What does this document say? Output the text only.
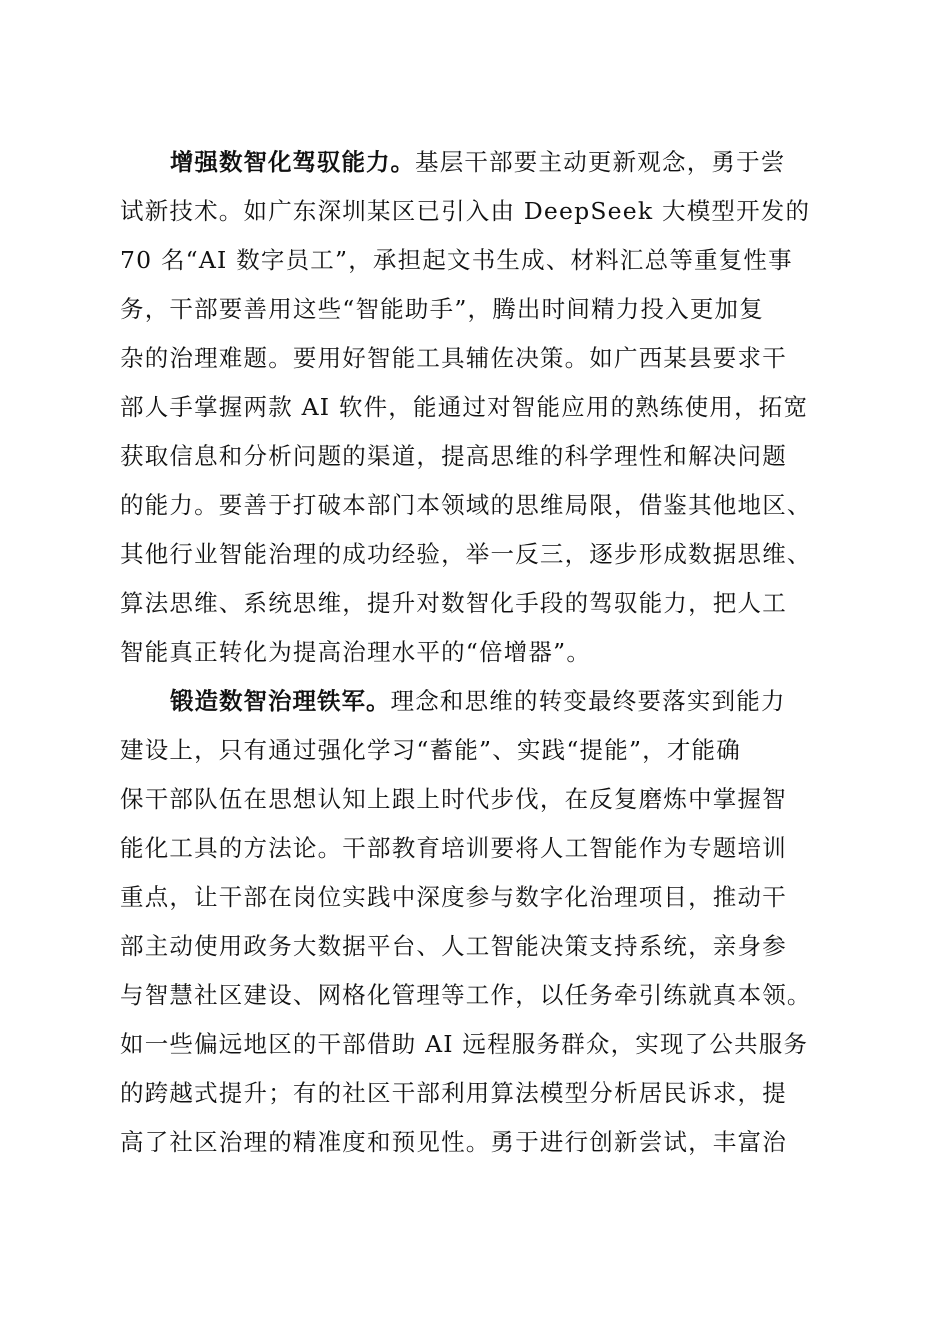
增强数智化驾驭能力。基层干部要主动更新观念，勇于尝
试新技术。如广东深圳某区已引入由 DeepSeek 大模型开发的
70 名“AI 数字员工”，承担起文书生成、材料汇总等重复性事
务，干部要善用这些“智能助手”，腾出时间精力投入更加复
杂的治理难题。要用好智能工具辅佐决策。如广西某县要求干
部人手掌握两款 AI 软件，能通过对智能应用的熟练使用，拓宽
获取信息和分析问题的渠道，提高思维的科学理性和解决问题
的能力。要善于打破本部门本领域的思维局限，借鉴其他地区、
其他行业智能治理的成功经验，举一反三，逐步形成数据思维、
算法思维、系统思维，提升对数智化手段的驾驭能力，把人工
智能真正转化为提高治理水平的“倍增器”。
锻造数智治理铁军。理念和思维的转变最终要落实到能力
建设上，只有通过强化学习“蓄能”、实践“提能”，才能确
保干部队伍在思想认知上跟上时代步伐，在反复磨炼中掌握智
能化工具的方法论。干部教育培训要将人工智能作为专题培训
重点，让干部在岗位实践中深度参与数字化治理项目，推动干
部主动使用政务大数据平台、人工智能决策支持系统，亲身参
与智慧社区建设、网格化管理等工作，以任务牵引练就真本领。
如一些偏远地区的干部借助 AI 远程服务群众，实现了公共服务
的跨越式提升；有的社区干部利用算法模型分析居民诉求，提
高了社区治理的精准度和预见性。勇于进行创新尝试，丰富治
